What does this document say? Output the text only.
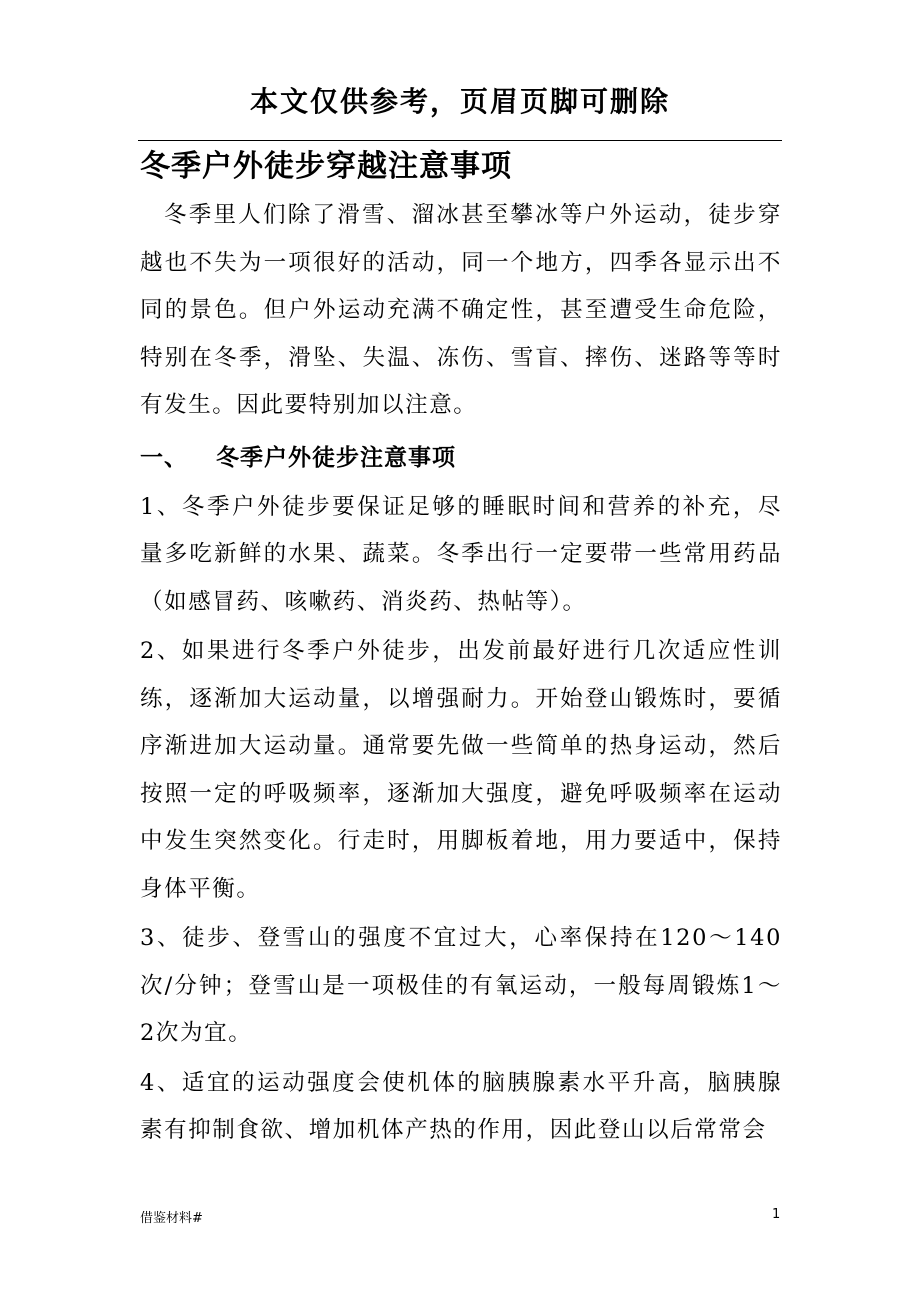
本文仅供参考，页眉页脚可删除
冬季户外徒步穿越注意事项

冬季里人们除了滑雪、溜冰甚至攀冰等户外运动，徒步穿越也不失为一项很好的活动，同一个地方，四季各显示出不同的景色。但户外运动充满不确定性，甚至遭受生命危险，特别在冬季，滑坠、失温、冻伤、雪盲、摔伤、迷路等等时有发生。因此要特别加以注意。

一、 冬季户外徒步注意事项

1、冬季户外徒步要保证足够的睡眠时间和营养的补充，尽量多吃新鲜的水果、蔬菜。冬季出行一定要带一些常用药品（如感冒药、咳嗽药、消炎药、热帖等）。

2、如果进行冬季户外徒步，出发前最好进行几次适应性训练，逐渐加大运动量，以增强耐力。开始登山锻炼时，要循序渐进加大运动量。通常要先做一些简单的热身运动，然后按照一定的呼吸频率，逐渐加大强度，避免呼吸频率在运动中发生突然变化。行走时，用脚板着地，用力要适中，保持身体平衡。

3、徒步、登雪山的强度不宜过大，心率保持在120～140次/分钟；登雪山是一项极佳的有氧运动，一般每周锻炼1～2次为宜。

4、适宜的运动强度会使机体的脑胰腺素水平升高，脑胰腺素有抑制食欲、增加机体产热的作用，因此登山以后常常会

借鉴材料#	1
